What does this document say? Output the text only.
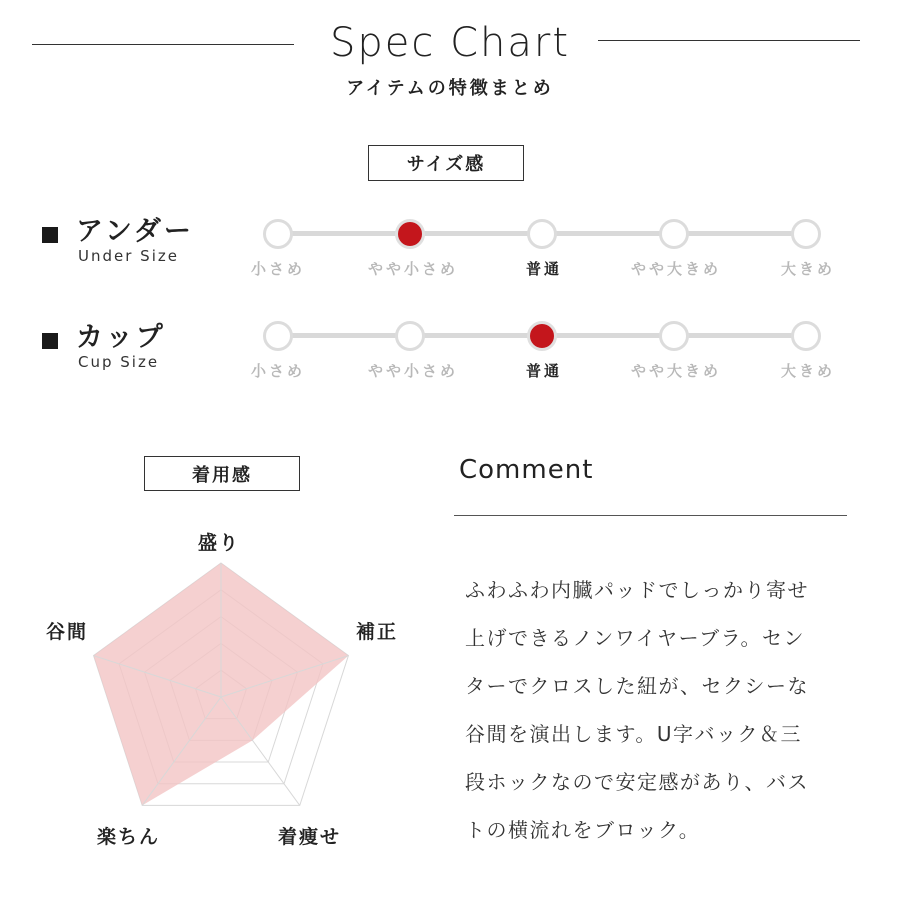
Spec Chart
アイテムの特徴まとめ
サイズ感
アンダー
Under Size
小さめ	やや小さめ	普通	やや大きめ	大きめ
カップ
Cup Size	小さめ	やや小さめ	普通	やや大きめ	大きめ
着用感
盛り
補正
着痩せ
楽ちん
谷間
Comment
ふわふわ内臓パッドでしっかり寄せ
上げできるノンワイヤーブラ。セン
ターでクロスした紐が、セクシーな
谷間を演出します。U字バック＆三
段ホックなので安定感があり、バス
トの横流れをブロック。
